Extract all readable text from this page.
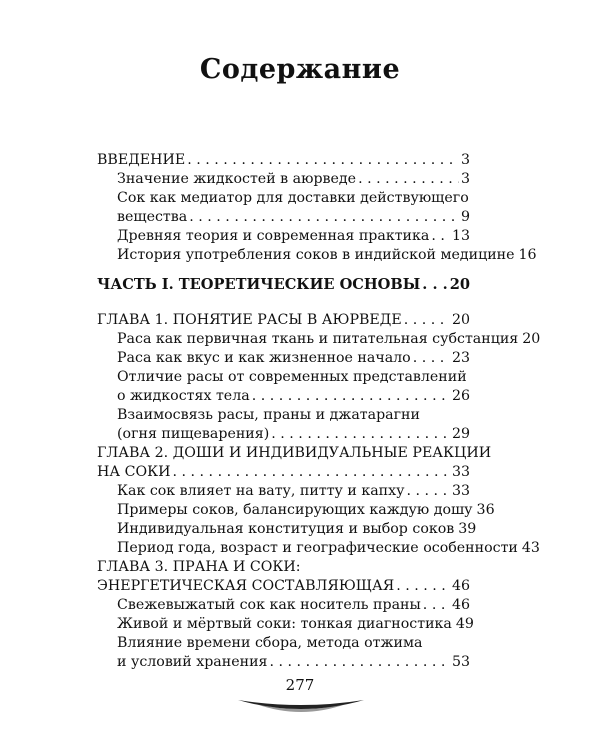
Содержание
ВВЕДЕНИЕ . . .	3
Значение жидкостей в аюрведе . . .	3
Сок как медиатор для доставки действующего
вещества . . .	9
Древняя теория и современная практика . . . 13
История употребления соков в индийской медицине 16
ЧАСТЬ I. ТЕОРЕТИЧЕСКИЕ ОСНОВЫ . . . 20
ГЛАВА 1. ПОНЯТИЕ РАСЫ В АЮРВЕДЕ . . .	20
Раса как первичная ткань и питательная субстанция 20
Раса как вкус и как жизненное начало . . .	23
Отличие расы от современных представлений
о жидкостях тела . . .	26
Взаимосвязь расы, праны и джатарагни
(огня пищеварения) . . .	29
ГЛАВА 2. ДОШИ И ИНДИВИДУАЛЬНЫЕ РЕАКЦИИ
НА СОКИ . . .	33
Как сок влияет на вату, питту и капху . . .	33
Примеры соков, балансирующих каждую дошу 36
Индивидуальная конституция и выбор соков 39
Период года, возраст и географические особенности 43
ГЛАВА 3. ПРАНА И СОКИ:
ЭНЕРГЕТИЧЕСКАЯ СОСТАВЛЯЮЩАЯ . . .	46
Свежевыжатый сок как носитель праны . . . 46
Живой и мёртвый соки: тонкая диагностика 49
Влияние времени сбора, метода отжима
и условий хранения . . .	53
277
